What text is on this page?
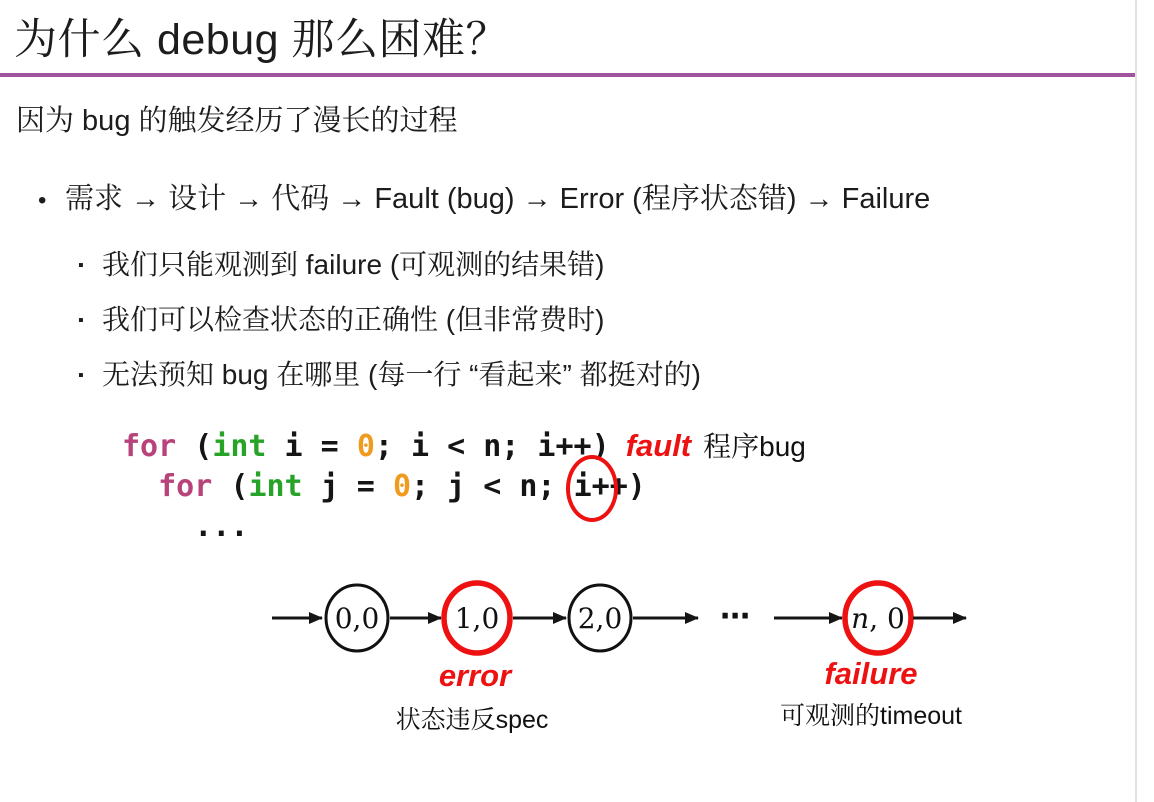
为什么 debug 那么困难？
因为 bug 的触发经历了漫长的过程
• 需求 → 设计 → 代码 → Fault (bug) → Error (程序状态错) → Failure
▪ 我们只能观测到 failure (可观测的结果错)
▪ 我们可以检查状态的正确性 (但非常费时)
▪ 无法预知 bug 在哪里 (每一行 “看起来” 都挺对的)
for (int i = 0; i < n; i++) fault 程序bug
for (int j = 0; j < n;
i++)
...
⋯
0,0	1,0	2,0	n, 0
error
状态违反spec
failure
可观测的timeout
